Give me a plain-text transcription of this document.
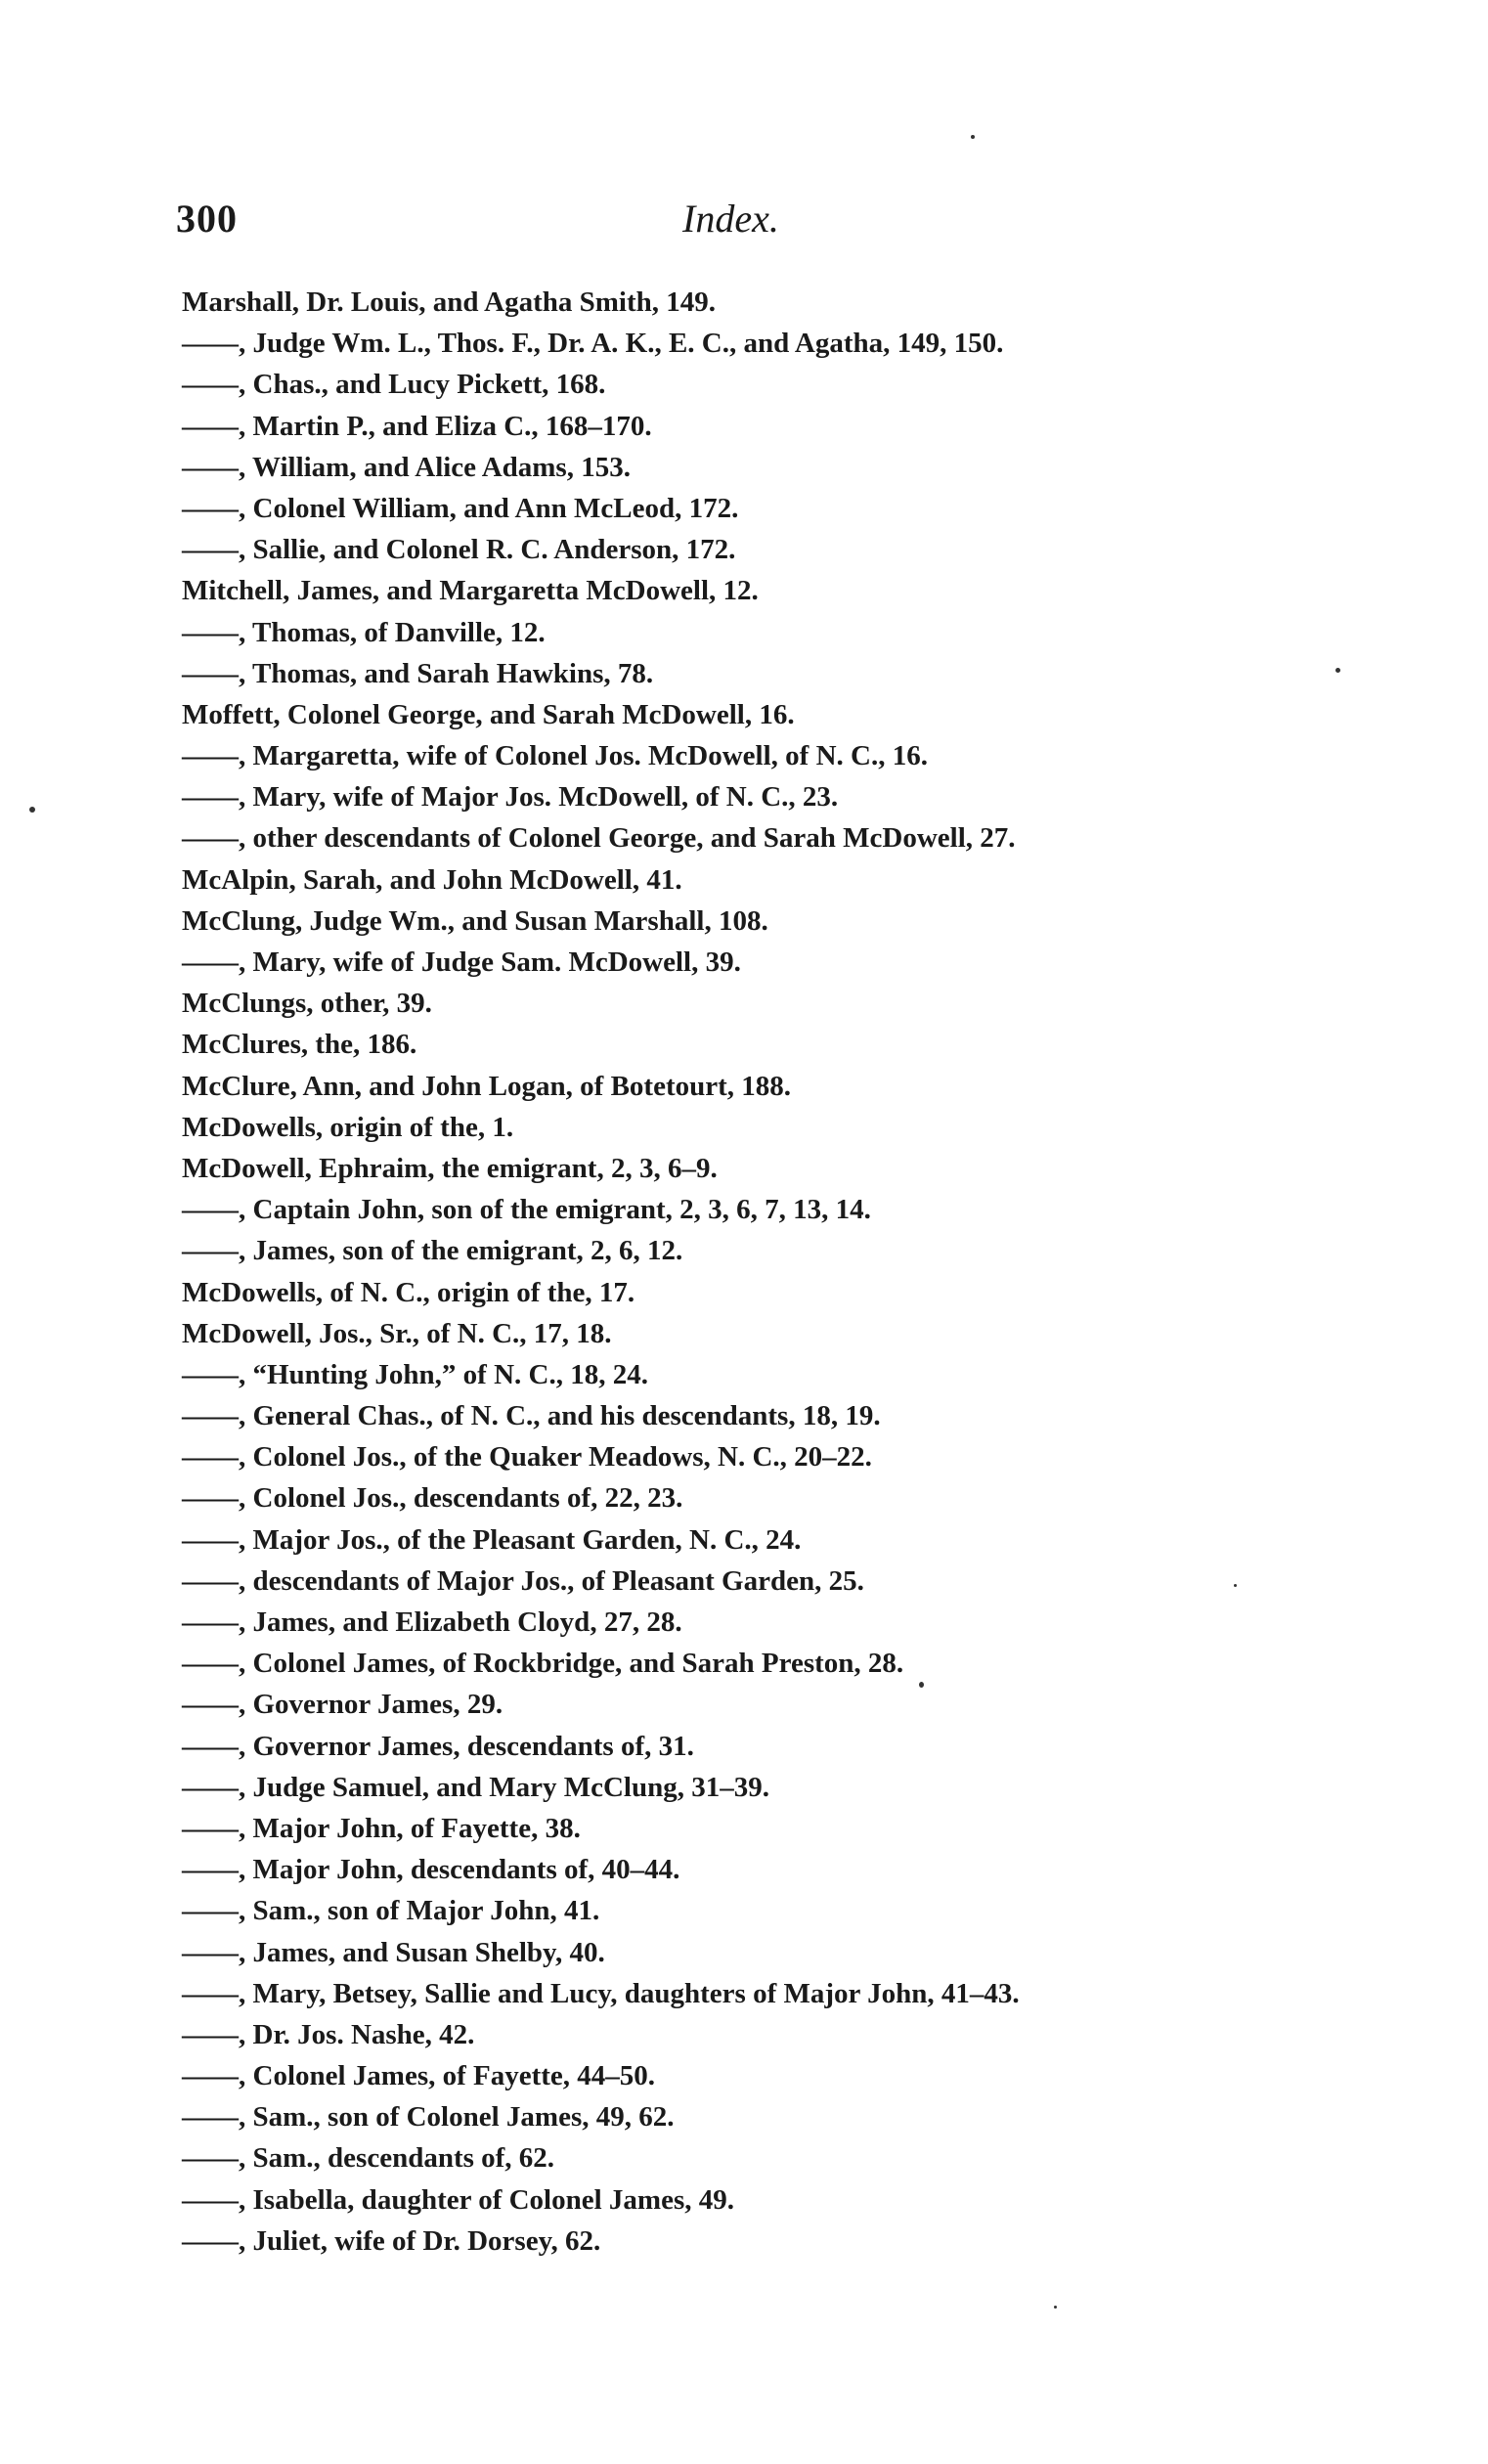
300	Index.
Marshall, Dr. Louis, and Agatha Smith, 149.
——, Judge Wm. L., Thos. F., Dr. A. K., E. C., and Agatha, 149, 150.
——, Chas., and Lucy Pickett, 168.
——, Martin P., and Eliza C., 168–170.
——, William, and Alice Adams, 153.
——, Colonel William, and Ann McLeod, 172.
——, Sallie, and Colonel R. C. Anderson, 172.
Mitchell, James, and Margaretta McDowell, 12.
——, Thomas, of Danville, 12.
——, Thomas, and Sarah Hawkins, 78.
Moffett, Colonel George, and Sarah McDowell, 16.
——, Margaretta, wife of Colonel Jos. McDowell, of N. C., 16.
——, Mary, wife of Major Jos. McDowell, of N. C., 23.
——, other descendants of Colonel George, and Sarah McDowell, 27.
McAlpin, Sarah, and John McDowell, 41.
McClung, Judge Wm., and Susan Marshall, 108.
——, Mary, wife of Judge Sam. McDowell, 39.
McClungs, other, 39.
McClures, the, 186.
McClure, Ann, and John Logan, of Botetourt, 188.
McDowells, origin of the, 1.
McDowell, Ephraim, the emigrant, 2, 3, 6–9.
——, Captain John, son of the emigrant, 2, 3, 6, 7, 13, 14.
——, James, son of the emigrant, 2, 6, 12.
McDowells, of N. C., origin of the, 17.
McDowell, Jos., Sr., of N. C., 17, 18.
——, “Hunting John,” of N. C., 18, 24.
——, General Chas., of N. C., and his descendants, 18, 19.
——, Colonel Jos., of the Quaker Meadows, N. C., 20–22.
——, Colonel Jos., descendants of, 22, 23.
——, Major Jos., of the Pleasant Garden, N. C., 24.
——, descendants of Major Jos., of Pleasant Garden, 25.
——, James, and Elizabeth Cloyd, 27, 28.
——, Colonel James, of Rockbridge, and Sarah Preston, 28.
——, Governor James, 29.
——, Governor James, descendants of, 31.
——, Judge Samuel, and Mary McClung, 31–39.
——, Major John, of Fayette, 38.
——, Major John, descendants of, 40–44.
——, Sam., son of Major John, 41.
——, James, and Susan Shelby, 40.
——, Mary, Betsey, Sallie and Lucy, daughters of Major John, 41–43.
——, Dr. Jos. Nashe, 42.
——, Colonel James, of Fayette, 44–50.
——, Sam., son of Colonel James, 49, 62.
——, Sam., descendants of, 62.
——, Isabella, daughter of Colonel James, 49.
——, Juliet, wife of Dr. Dorsey, 62.
